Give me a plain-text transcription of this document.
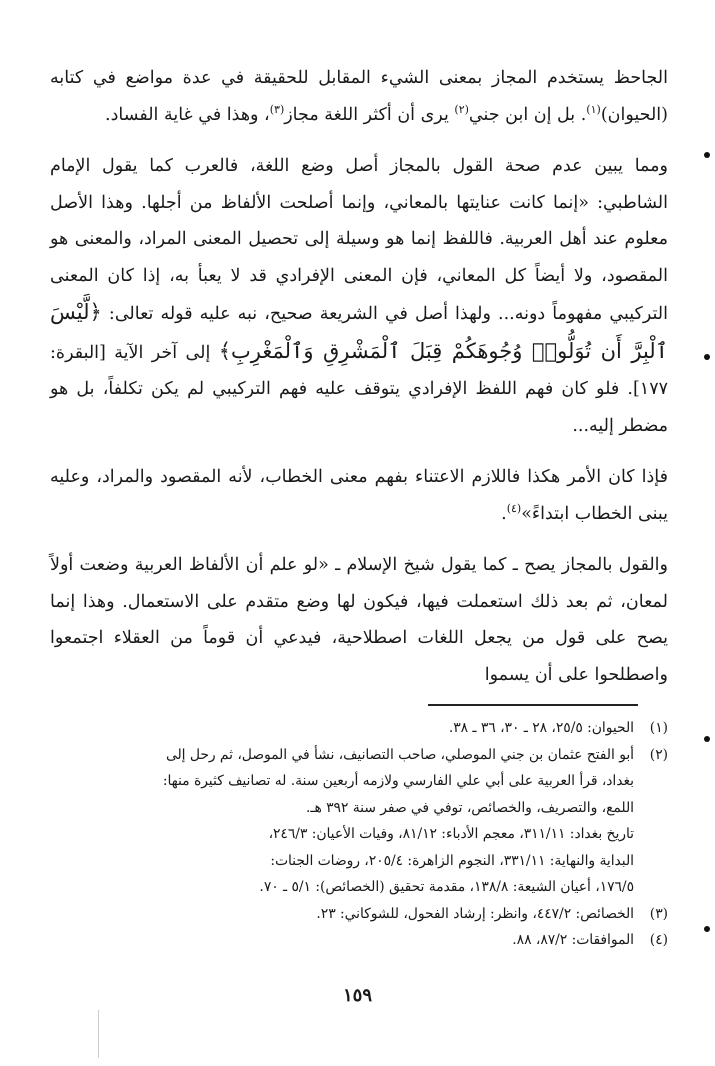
الجاحظ يستخدم المجاز بمعنى الشيء المقابل للحقيقة في عدة مواضع في كتابه (الحيوان)$^{(١)}$. بل إن ابن جني$^{(٢)}$ يرى أن أكثر اللغة مجاز$^{(٣)}$، وهذا في غاية الفساد.

ومما يبين عدم صحة القول بالمجاز أصل وضع اللغة، فالعرب كما يقول الإمام الشاطبي: «إنما كانت عنايتها بالمعاني، وإنما أصلحت الألفاظ من أجلها. وهذا الأصل معلوم عند أهل العربية. فاللفظ إنما هو وسيلة إلى تحصيل المعنى المراد، والمعنى هو المقصود، ولا أيضاً كل المعاني، فإن المعنى الإفرادي قد لا يعبأ به، إذا كان المعنى التركيبي مفهوماً دونه... ولهذا أصل في الشريعة صحيح، نبه عليه قوله تعالى: ﴿لَّيْسَ ٱلْبِرَّ أَن تُوَلُّوا۟ وُجُوهَكُمْ قِبَلَ ٱلْمَشْرِقِ وَٱلْمَغْرِبِ﴾ إلى آخر الآية [البقرة: ١٧٧]. فلو كان فهم اللفظ الإفرادي يتوقف عليه فهم التركيبي لم يكن تكلفاً، بل هو مضطر إليه...

فإذا كان الأمر هكذا فاللازم الاعتناء بفهم معنى الخطاب، لأنه المقصود والمراد، وعليه يبنى الخطاب ابتداءً»$^{(٤)}$.

والقول بالمجاز يصح ـ كما يقول شيخ الإسلام ـ «لو علم أن الألفاظ العربية وضعت أولاً لمعان، ثم بعد ذلك استعملت فيها، فيكون لها وضع متقدم على الاستعمال. وهذا إنما يصح على قول من يجعل اللغات اصطلاحية، فيدعي أن قوماً من العقلاء اجتمعوا واصطلحوا على أن يسموا

(١)الحيوان: ٢٥/٥، ٢٨ ـ ٣٠، ٣٦ ـ ٣٨.

(٢)أبو الفتح عثمان بن جني الموصلي، صاحب التصانيف، نشأ في الموصل، ثم رحل إلى

بغداد، قرأ العربية على أبي علي الفارسي ولازمه أربعين سنة. له تصانيف كثيرة منها:

اللمع، والتصريف، والخصائص، توفي في صفر سنة ٣٩٢ هـ.

تاريخ بغداد: ٣١١/١١، معجم الأدباء: ٨١/١٢، وفيات الأعيان: ٢٤٦/٣،

البداية والنهاية: ٣٣١/١١، النجوم الزاهرة: ٢٠٥/٤، روضات الجنات:

١٧٦/٥، أعيان الشيعة: ١٣٨/٨، مقدمة تحقيق (الخصائص): ٥/١ ـ ٧٠.

(٣)الخصائص: ٤٤٧/٢، وانظر: إرشاد الفحول، للشوكاني: ٢٣.

(٤)الموافقات: ٨٧/٢، ٨٨.

١٥٩
